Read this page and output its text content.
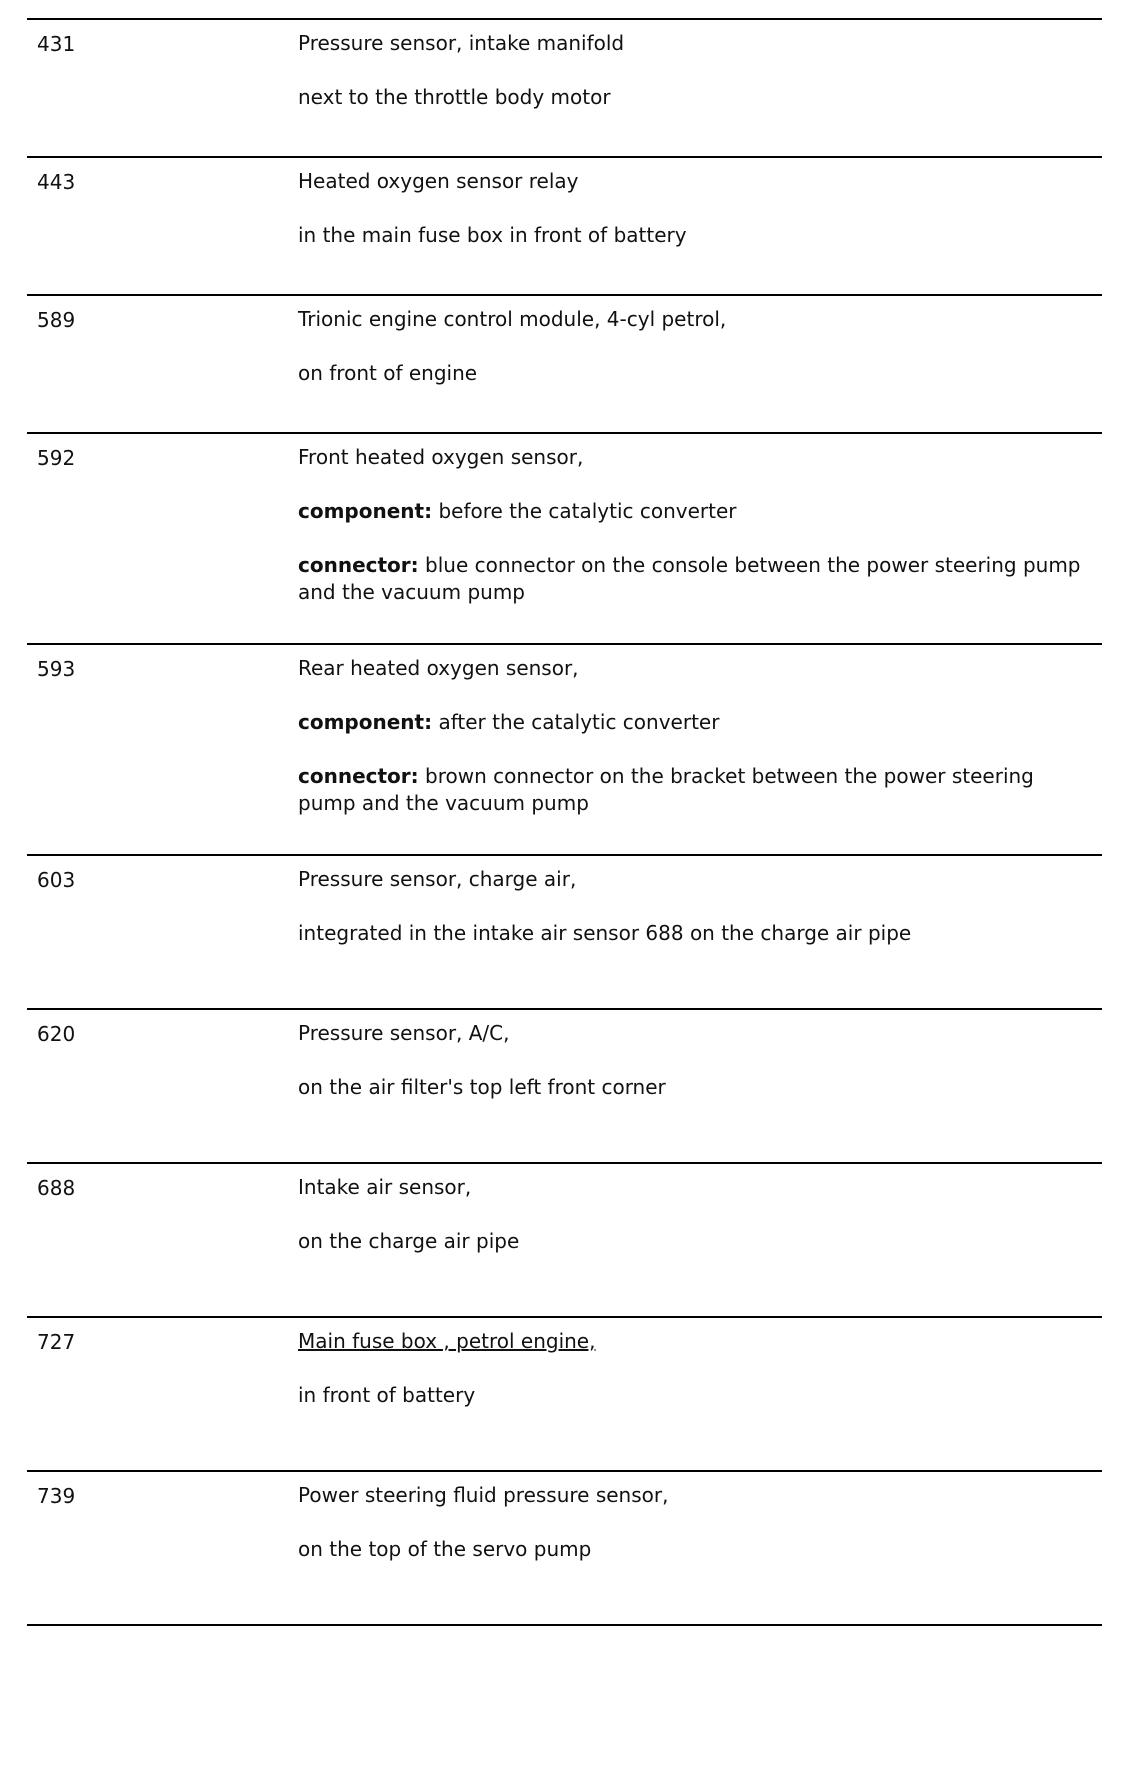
431	Pressure sensor, intake manifold
next to the throttle body motor
443	Heated oxygen sensor relay
in the main fuse box in front of battery
589	Trionic engine control module, 4-cyl petrol,
on front of engine
592	Front heated oxygen sensor,
component: before the catalytic converter
connector: blue connector on the console between the power steering pump and the vacuum pump
593	Rear heated oxygen sensor,
component: after the catalytic converter
connector: brown connector on the bracket between the power steering pump and the vacuum pump
603	Pressure sensor, charge air,
integrated in the intake air sensor 688 on the charge air pipe
620	Pressure sensor, A/C,
on the air filter's top left front corner
688	Intake air sensor,
on the charge air pipe
727	Main fuse box , petrol engine,
in front of battery
739	Power steering fluid pressure sensor,
on the top of the servo pump
